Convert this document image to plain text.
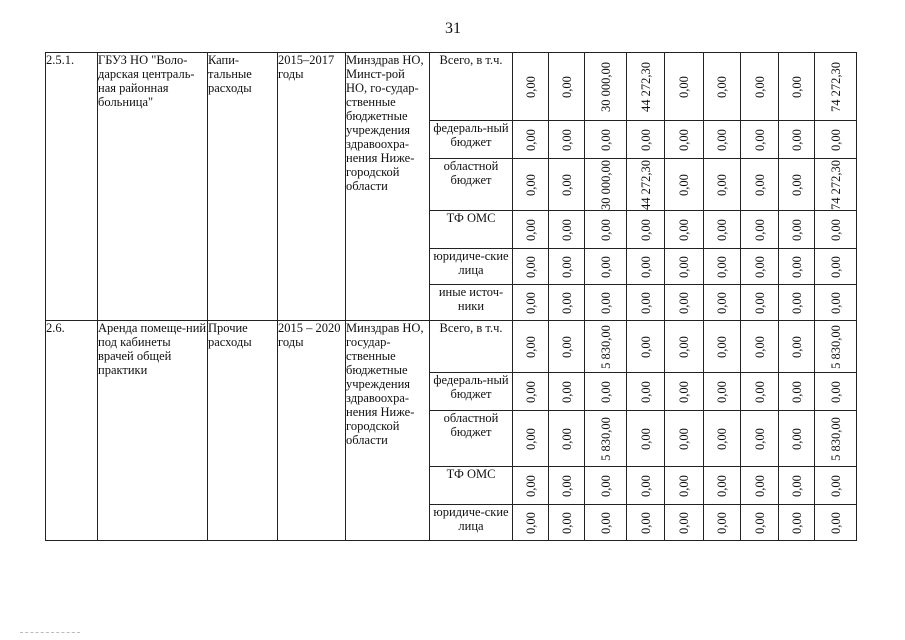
31
2.5.1.	ГБУЗ НО "Воло-дарская централь-ная районная больница"	Капи-тальные расходы	2015–2017 годы	Минздрав НО, Минст-рой НО, го-судар-ственные бюджетные учреждения здравоохра-нения Ниже-городской области	Всего, в т.ч.	0,00	0,00	30 000,00	44 272,30	0,00	0,00	0,00	0,00	74 272,30

					федераль-ный бюджет	0,00	0,00	0,00	0,00	0,00	0,00	0,00	0,00	0,00

					областной бюджет	0,00	0,00	30 000,00	44 272,30	0,00	0,00	0,00	0,00	74 272,30

					ТФ ОМС	0,00	0,00	0,00	0,00	0,00	0,00	0,00	0,00	0,00

					юридиче-ские лица	0,00	0,00	0,00	0,00	0,00	0,00	0,00	0,00	0,00

					иные источ-ники	0,00	0,00	0,00	0,00	0,00	0,00	0,00	0,00	0,00

2.6.	Аренда помеще-ний под кабинеты врачей общей практики	Прочие расходы	2015 – 2020 годы	Минздрав НО, государ-ственные бюджетные учреждения здравоохра-нения Ниже-городской области	Всего, в т.ч.	0,00	0,00	5 830,00	0,00	0,00	0,00	0,00	0,00	5 830,00

					федераль-ный бюджет	0,00	0,00	0,00	0,00	0,00	0,00	0,00	0,00	0,00

					областной бюджет	0,00	0,00	5 830,00	0,00	0,00	0,00	0,00	0,00	5 830,00

					ТФ ОМС	0,00	0,00	0,00	0,00	0,00	0,00	0,00	0,00	0,00

					юридиче-ские лица	0,00	0,00	0,00	0,00	0,00	0,00	0,00	0,00	0,00
